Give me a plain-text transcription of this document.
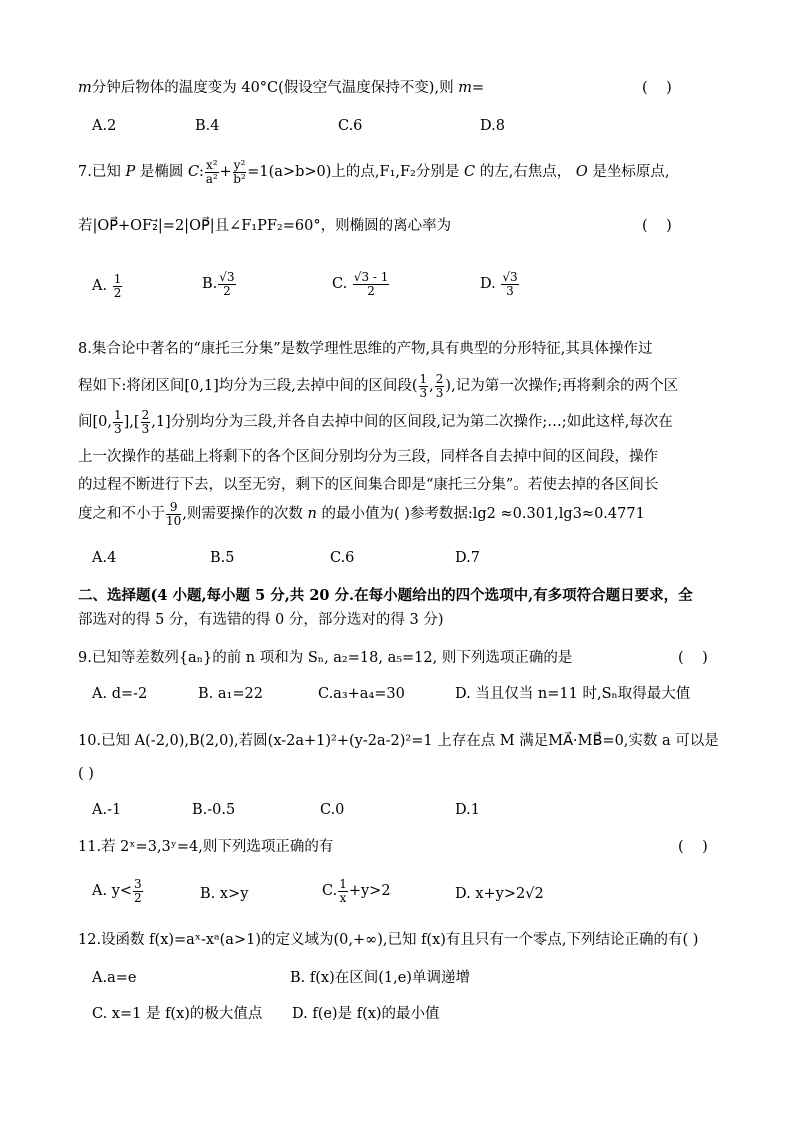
m分钟后物体的温度变为 40°C(假设空气温度保持不变),则 m=	(    )
A.2	B.4	C.6	D.8
7.已知 P 是椭圆 C: $\frac{\text{x²}}{\text{a²}} + \frac{\text{y²}}{\text{b²}} =1(a>b>0)$上的点,F₁,F₂分别是 C 的左,右焦点， O 是坐标原点,
若|OP⃗+OF₂⃗|=2|OP⃗|且∠F₁PF₂=60°，则椭圆的离心率为	(    )
A. $\frac{1}{2}$	B. $\frac{√3}{2}$	C. $\frac{√3 - 1}{2}$	D. $\frac{√3}{3}$
8.集合论中著名的“康托三分集”是数学理性思维的产物,具有典型的分形特征,其具体操作过
程如下:将闭区间[0,1]均分为三段,去掉中间的区间段( $\frac{1}{3}$ , $\frac{2}{3}$ ),记为第一次操作;再将剩余的两个区
间[0, $\frac{1}{3}$ ],[ $\frac{2}{3} ,1$]分别均分为三段,并各自去掉中间的区间段,记为第二次操作;…;如此这样,每次在
上一次操作的基础上将剩下的各个区间分别均分为三段，同样各自去掉中间的区间段，操作
的过程不断进行下去，以至无穷，剩下的区间集合即是“康托三分集”。若使去掉的各区间长
度之和不小于 $\frac{9}{10}$ ,则需要操作的次数 n 的最小值为( )参考数据:lg2 ≈0.301,lg3≈0.4771
A.4	B.5	C.6	D.7
二、选择题(4 小题,每小题 5 分,共 20 分.在每小题给出的四个选项中,有多项符合题日要求，全
部选对的得 5 分，有选错的得 0 分，部分选对的得 3 分)
9.已知等差数列{aₙ}的前 n 项和为 Sₙ, a₂=18, a₅=12, 则下列选项正确的是	(    )
A. d=-2	B. a₁=22	C.a₃+a₄=30	D. 当且仅当 n=11 时,Sₙ取得最大值
10.已知 A(-2,0),B(2,0),若圆(x-2a+1)²+(y-2a-2)²=1 上存在点 M 满足MA⃗·MB⃗=0,实数 a 可以是
( )
A.-1	B.-0.5	C.0	D.1
11.若 2ˣ=3,3ʸ=4,则下列选项正确的有	(    )
A. $y< \frac{3}{2}$	B. x>y	C. $\frac{1}{x} +y>2$	D. x+y>2√2
12.设函数 f(x)=aˣ-xᵃ(a>1)的定义域为(0,+∞),已知 f(x)有且只有一个零点,下列结论正确的有( )
A.a=e	B. f(x)在区间(1,e)单调递增
C. x=1 是 f(x)的极大值点 D. f(e)是 f(x)的最小值
